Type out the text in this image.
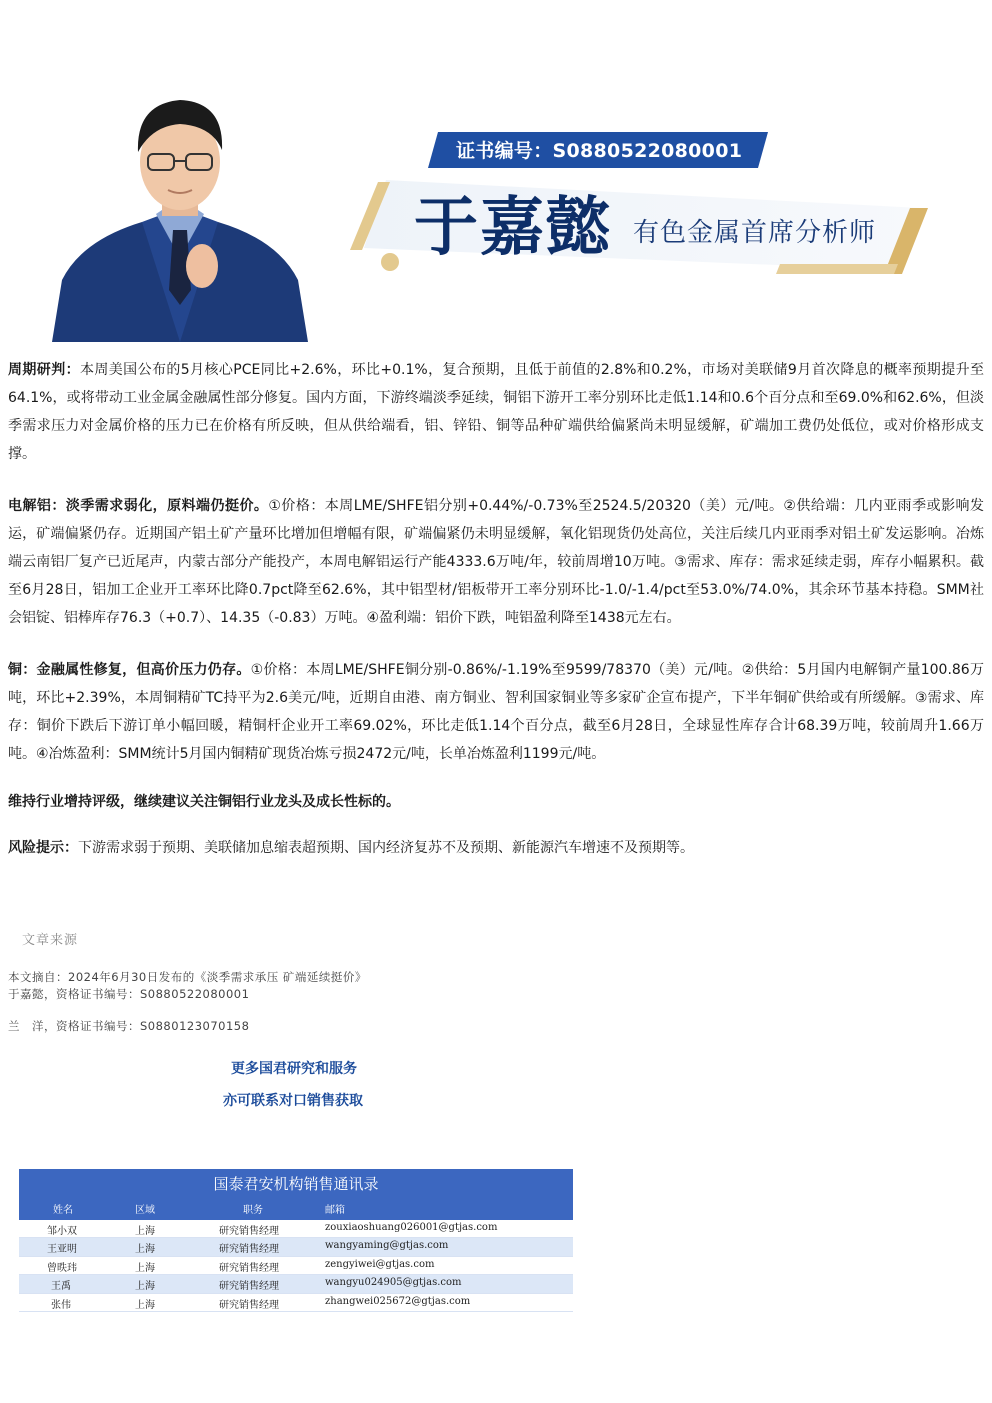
证书编号：S0880522080001
于嘉懿 有色金属首席分析师

周期研判：本周美国公布的5月核心PCE同比+2.6%，环比+0.1%，复合预期，且低于前值的2.8%和0.2%，市场对美联储9月首次降息的概率预期提升至64.1%，或将带动工业金属金融属性部分修复。国内方面，下游终端淡季延续，铜铝下游开工率分别环比走低1.14和0.6个百分点和至69.0%和62.6%，但淡季需求压力对金属价格的压力已在价格有所反映，但从供给端看，铝、锌铅、铜等品种矿端供给偏紧尚未明显缓解，矿端加工费仍处低位，或对价格形成支撑。

电解铝：淡季需求弱化，原料端仍挺价。①价格：本周LME/SHFE铝分别+0.44%/-0.73%至2524.5/20320（美）元/吨。②供给端：几内亚雨季或影响发运，矿端偏紧仍存。近期国产铝土矿产量环比增加但增幅有限，矿端偏紧仍未明显缓解，氧化铝现货仍处高位，关注后续几内亚雨季对铝土矿发运影响。冶炼端云南铝厂复产已近尾声，内蒙古部分产能投产，本周电解铝运行产能4333.6万吨/年，较前周增10万吨。③需求、库存：需求延续走弱，库存小幅累积。截至6月28日，铝加工企业开工率环比降0.7pct降至62.6%，其中铝型材/铝板带开工率分别环比-1.0/-1.4/pct至53.0%/74.0%，其余环节基本持稳。SMM社会铝锭、铝棒库存76.3（+0.7）、14.35（-0.83）万吨。④盈利端：铝价下跌，吨铝盈利降至1438元左右。

铜：金融属性修复，但高价压力仍存。①价格：本周LME/SHFE铜分别-0.86%/-1.19%至9599/78370（美）元/吨。②供给：5月国内电解铜产量100.86万吨，环比+2.39%，本周铜精矿TC持平为2.6美元/吨，近期自由港、南方铜业、智利国家铜业等多家矿企宣布提产，下半年铜矿供给或有所缓解。③需求、库存：铜价下跌后下游订单小幅回暖，精铜杆企业开工率69.02%，环比走低1.14个百分点，截至6月28日，全球显性库存合计68.39万吨，较前周升1.66万吨。④冶炼盈利：SMM统计5月国内铜精矿现货冶炼亏损2472元/吨，长单冶炼盈利1199元/吨。

维持行业增持评级，继续建议关注铜铝行业龙头及成长性标的。

风险提示：下游需求弱于预期、美联储加息缩表超预期、国内经济复苏不及预期、新能源汽车增速不及预期等。

文章来源
本文摘自：2024年6月30日发布的《淡季需求承压 矿端延续挺价》
于嘉懿，资格证书编号：S0880522080001
兰　洋，资格证书编号：S0880123070158
更多国君研究和服务
亦可联系对口销售获取
国泰君安机构销售通讯录
姓名	区域	职务	邮箱
邹小双	上海	研究销售经理	zouxiaoshuang026001@gtjas.com
王亚明	上海	研究销售经理	wangyaming@gtjas.com
曾昳玮	上海	研究销售经理	zengyiwei@gtjas.com
王禹	上海	研究销售经理	wangyu024905@gtjas.com
张伟	上海	研究销售经理	zhangwei025672@gtjas.com
